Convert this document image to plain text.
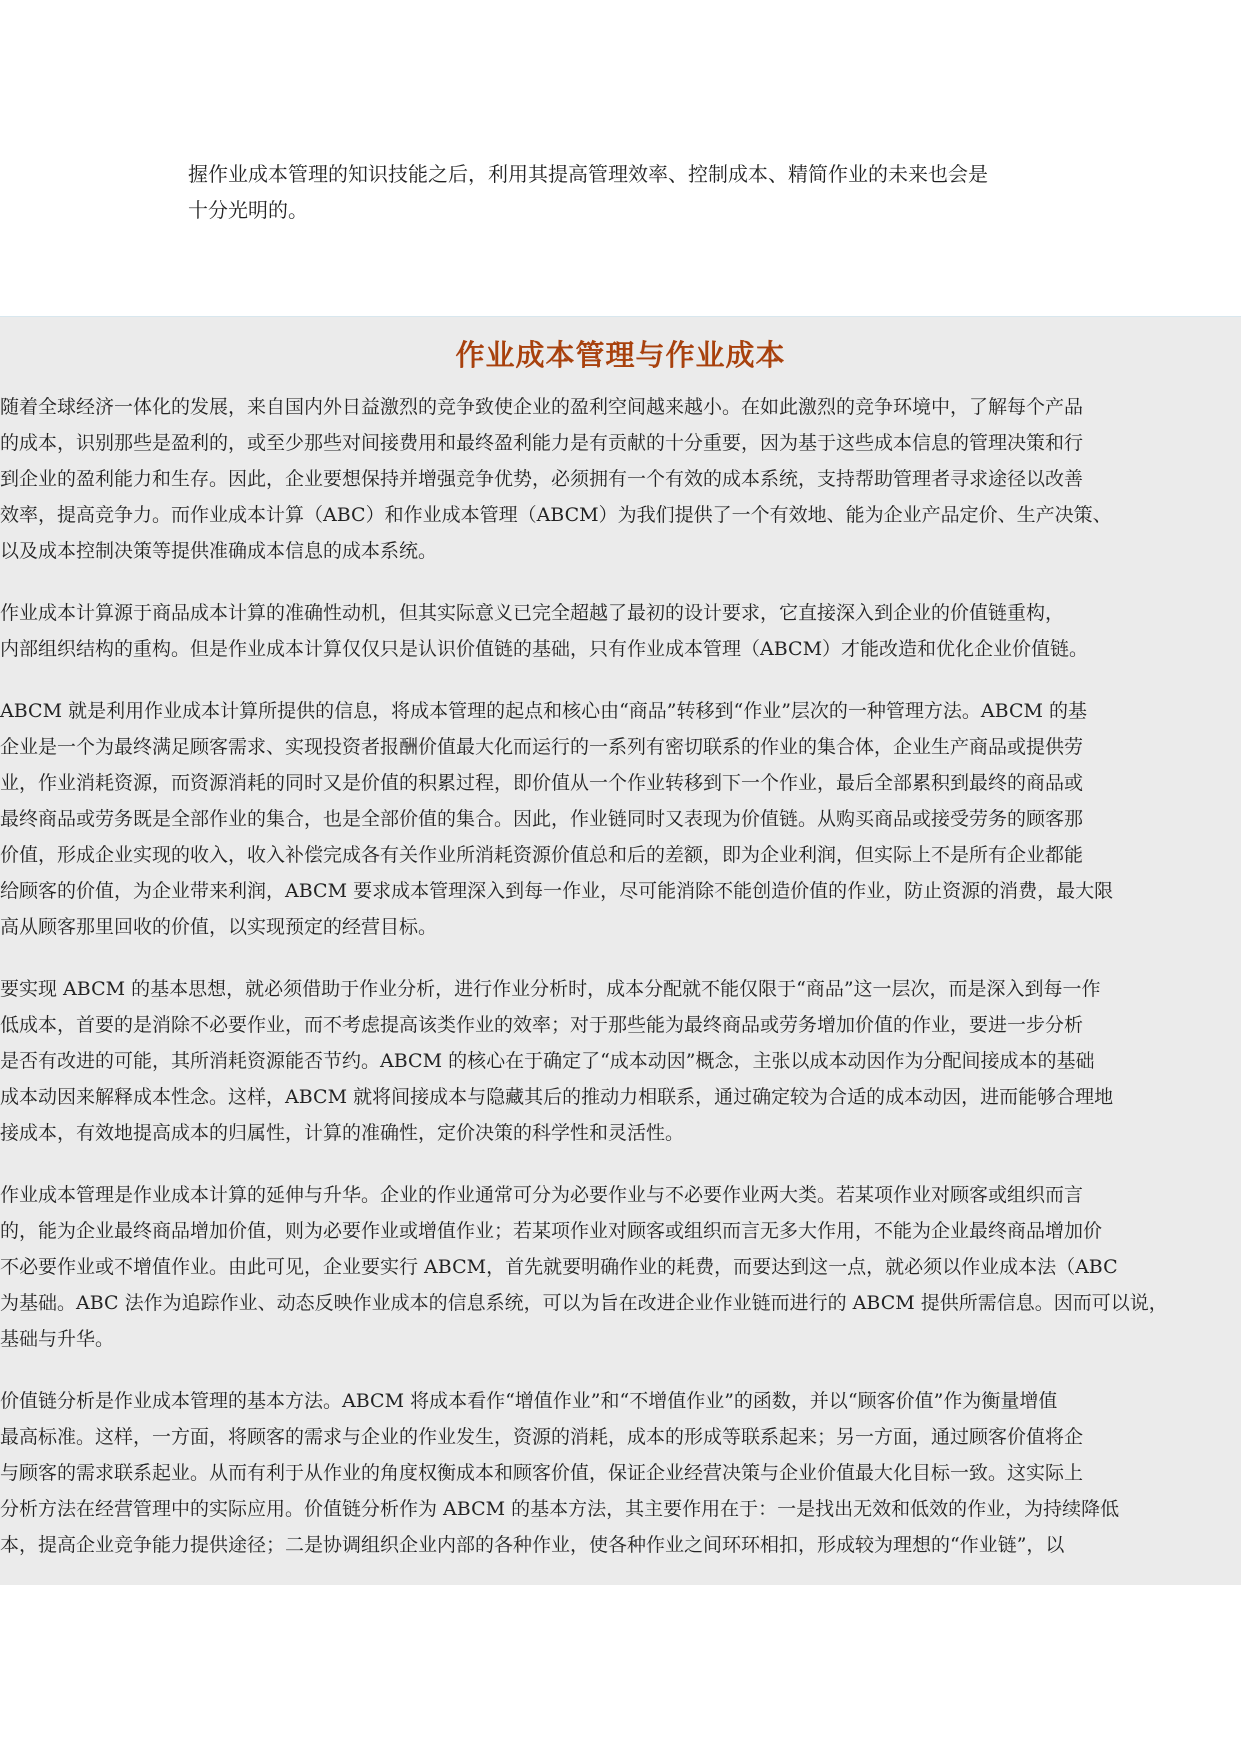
握作业成本管理的知识技能之后，利用其提高管理效率、控制成本、精简作业的未来也会是
十分光明的。

作业成本管理与作业成本

随着全球经济一体化的发展，来自国内外日益激烈的竞争致使企业的盈利空间越来越小。在如此激烈的竞争环境中，了解每个产品
的成本，识别那些是盈利的，或至少那些对间接费用和最终盈利能力是有贡献的十分重要，因为基于这些成本信息的管理决策和行
到企业的盈利能力和生存。因此，企业要想保持并增强竞争优势，必须拥有一个有效的成本系统，支持帮助管理者寻求途径以改善
效率，提高竞争力。而作业成本计算（ABC）和作业成本管理（ABCM）为我们提供了一个有效地、能为企业产品定价、生产决策、
以及成本控制决策等提供准确成本信息的成本系统。

作业成本计算源于商品成本计算的准确性动机，但其实际意义已完全超越了最初的设计要求，它直接深入到企业的价值链重构，
内部组织结构的重构。但是作业成本计算仅仅只是认识价值链的基础，只有作业成本管理（ABCM）才能改造和优化企业价值链。

ABCM 就是利用作业成本计算所提供的信息，将成本管理的起点和核心由“商品”转移到“作业”层次的一种管理方法。ABCM 的基
企业是一个为最终满足顾客需求、实现投资者报酬价值最大化而运行的一系列有密切联系的作业的集合体，企业生产商品或提供劳
业，作业消耗资源，而资源消耗的同时又是价值的积累过程，即价值从一个作业转移到下一个作业，最后全部累积到最终的商品或
最终商品或劳务既是全部作业的集合，也是全部价值的集合。因此，作业链同时又表现为价值链。从购买商品或接受劳务的顾客那
价值，形成企业实现的收入，收入补偿完成各有关作业所消耗资源价值总和后的差额，即为企业利润，但实际上不是所有企业都能
给顾客的价值，为企业带来利润，ABCM 要求成本管理深入到每一作业，尽可能消除不能创造价值的作业，防止资源的消费，最大限
高从顾客那里回收的价值，以实现预定的经营目标。

要实现 ABCM 的基本思想，就必须借助于作业分析，进行作业分析时，成本分配就不能仅限于“商品”这一层次，而是深入到每一作
低成本，首要的是消除不必要作业，而不考虑提高该类作业的效率；对于那些能为最终商品或劳务增加价值的作业，要进一步分析
是否有改进的可能，其所消耗资源能否节约。ABCM 的核心在于确定了“成本动因”概念，主张以成本动因作为分配间接成本的基础
成本动因来解释成本性念。这样，ABCM 就将间接成本与隐藏其后的推动力相联系，通过确定较为合适的成本动因，进而能够合理地
接成本，有效地提高成本的归属性，计算的准确性，定价决策的科学性和灵活性。

作业成本管理是作业成本计算的延伸与升华。企业的作业通常可分为必要作业与不必要作业两大类。若某项作业对顾客或组织而言
的，能为企业最终商品增加价值，则为必要作业或增值作业；若某项作业对顾客或组织而言无多大作用，不能为企业最终商品增加价
不必要作业或不增值作业。由此可见，企业要实行 ABCM，首先就要明确作业的耗费，而要达到这一点，就必须以作业成本法（ABC
为基础。ABC 法作为追踪作业、动态反映作业成本的信息系统，可以为旨在改进企业作业链而进行的 ABCM 提供所需信息。因而可以说，
基础与升华。

价值链分析是作业成本管理的基本方法。ABCM 将成本看作“增值作业”和“不增值作业”的函数，并以“顾客价值”作为衡量增值
最高标准。这样，一方面，将顾客的需求与企业的作业发生，资源的消耗，成本的形成等联系起来；另一方面，通过顾客价值将企
与顾客的需求联系起业。从而有利于从作业的角度权衡成本和顾客价值，保证企业经营决策与企业价值最大化目标一致。这实际上
分析方法在经营管理中的实际应用。价值链分析作为 ABCM 的基本方法，其主要作用在于：一是找出无效和低效的作业，为持续降低
本，提高企业竞争能力提供途径；二是协调组织企业内部的各种作业，使各种作业之间环环相扣，形成较为理想的“作业链”，以
